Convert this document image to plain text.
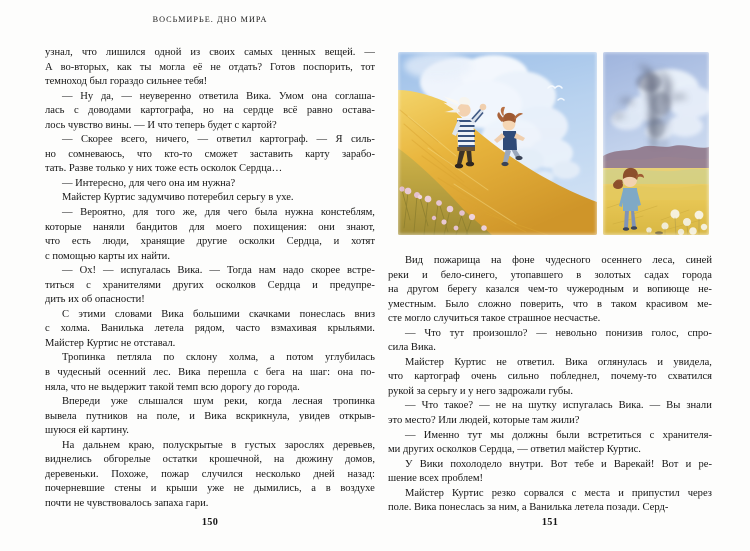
ВОСЬМИРЬЕ. ДНО МИРА
узнал, что лишился одной из своих самых ценных вещей. —
А во-вторых, как ты могла её не отдать? Готов поспорить, тот
темноход был гораздо сильнее тебя!
— Ну да, — неуверенно ответила Вика. Умом она соглаша-
лась с доводами картографа, но на сердце всё равно остава-
лось чувство вины. — И что теперь будет с картой?
— Скорее всего, ничего, — ответил картограф. — Я силь-
но сомневаюсь, что кто-то сможет заставить карту зарабо-
тать. Разве только у них тоже есть осколок Сердца…
— Интересно, для чего она им нужна?
Майстер Куртис задумчиво потеребил серьгу в ухе.
— Вероятно, для того же, для чего была нужна констеблям,
которые наняли бандитов для моего похищения: они знают,
что есть люди, хранящие другие осколки Сердца, и хотят
с помощью карты их найти.
— Ох! — испугалась Вика. — Тогда нам надо скорее встре-
титься с хранителями других осколков Сердца и предупре-
дить их об опасности!
С этими словами Вика большими скачками понеслась вниз
с холма. Ванилька летела рядом, часто взмахивая крыльями.
Майстер Куртис не отставал.
Тропинка петляла по склону холма, а потом углубилась
в чудесный осенний лес. Вика перешла с бега на шаг: она по-
няла, что не выдержит такой темп всю дорогу до города.
Впереди уже слышался шум реки, когда лесная тропинка
вывела путников на поле, и Вика вскрикнула, увидев открыв-
шуюся ей картину.
На дальнем краю, полускрытые в густых зарослях деревьев,
виднелись обгорелые остатки крошечной, на дюжину домов,
деревеньки. Похоже, пожар случился несколько дней назад:
почерневшие стены и крыши уже не дымились, а в воздухе
почти не чувствовалось запаха гари.
Вид пожарища на фоне чудесного осеннего леса, синей
реки и бело-синего, утопавшего в золотых садах города
на другом берегу казался чем-то чужеродным и вопиюще не-
уместным. Было сложно поверить, что в таком красивом ме-
сте могло случиться такое страшное несчастье.
— Что тут произошло? — невольно понизив голос, спро-
сила Вика.
Майстер Куртис не ответил. Вика оглянулась и увидела,
что картограф очень сильно побледнел, почему-то схватился
рукой за серьгу и у него задрожали губы.
— Что такое? — не на шутку испугалась Вика. — Вы знали
это место? Или людей, которые там жили?
— Именно тут мы должны были встретиться с хранителя-
ми других осколков Сердца, — ответил майстер Куртис.
У Вики похолодело внутри. Вот тебе и Варекай! Вот и ре-
шение всех проблем!
Майстер Куртис резко сорвался с места и припустил через
поле. Вика понеслась за ним, а Ванилька летела позади. Серд-
150	151
